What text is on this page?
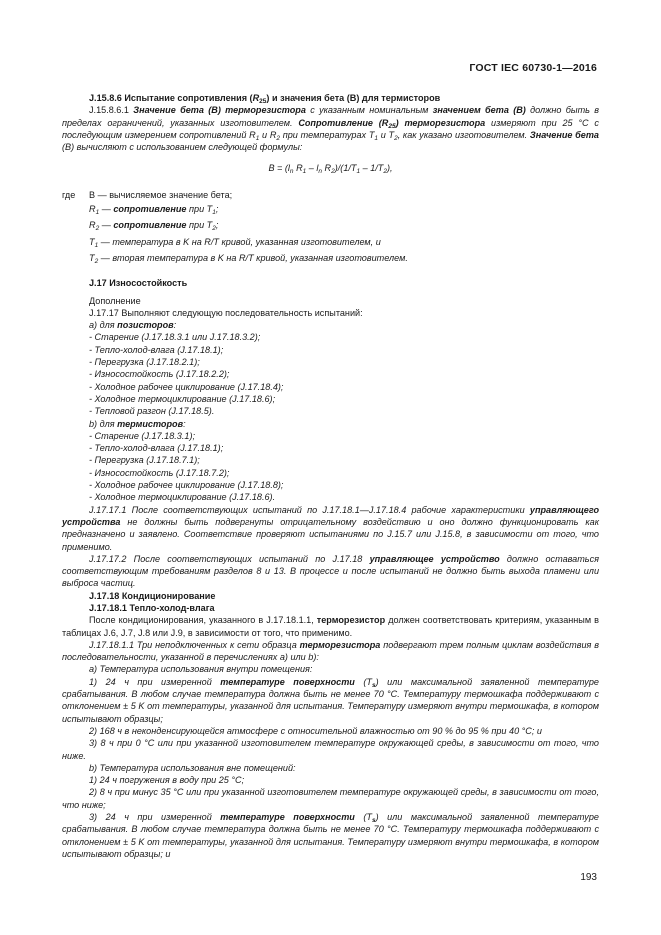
ГОСТ IEC 60730-1—2016

J.15.8.6 Испытание сопротивления $(R_{25})$ и значения бета (B) для термисторов

J.15.8.6.1 Значение бета (B) терморезистора с указанным номинальным значением бета (B) должно быть в пределах ограничений, указанных изготовителем. Сопротивление $(R_{25})$ терморезистора измеряют при 25 °C с последующим измерением сопротивлений $R_1$ и $R_2$ при температурах $T_1$ и $T_2$, как указано изготовителем. Значение бета (B) вычисляют с использованием следующей формулы:

$B = (l_n$ $R_1 - l_n$ $R_2)/(1/T_1 - 1/T_2)$,
где	B — вычисляемое значение бета;
$R_1$ — сопротивление при $T_1$;
$R_2$ — сопротивление при $T_2$;
$T_1$ — температура в K на R/T кривой, указанная изготовителем, и
$T_2$ — вторая температура в K на R/T кривой, указанная изготовителем.

J.17 Износостойкость

Дополнение

J.17.17 Выполняют следующую последовательность испытаний:

a) для позисторов:

- Старение (J.17.18.3.1 или J.17.18.3.2);

- Тепло-холод-влага (J.17.18.1);

- Перегрузка (J.17.18.2.1);

- Износостойкость (J.17.18.2.2);

- Холодное рабочее циклирование (J.17.18.4);

- Холодное термоциклирование (J.17.18.6);

- Тепловой разгон (J.17.18.5).

b) для термисторов:

- Старение (J.17.18.3.1);

- Тепло-холод-влага (J.17.18.1);

- Перегрузка (J.17.18.7.1);

- Износостойкость (J.17.18.7.2);

- Холодное рабочее циклирование (J.17.18.8);

- Холодное термоциклирование (J.17.18.6).

J.17.17.1 После соответствующих испытаний по J.17.18.1—J.17.18.4 рабочие характеристики управляющего устройства не должны быть подвергнуты отрицательному воздействию и оно должно функционировать как предназначено и заявлено. Соответствие проверяют испытаниями по J.15.7 или J.15.8, в зависимости от того, что применимо.

J.17.17.2 После соответствующих испытаний по J.17.18 управляющее устройство должно оставаться соответствующим требованиям разделов 8 и 13. В процессе и после испытаний не должно быть выхода пламени или выброса частиц.

J.17.18 Кондиционирование

J.17.18.1 Тепло-холод-влага

После кондиционирования, указанного в J.17.18.1.1, терморезистор должен соответствовать критериям, указанным в таблицах J.6, J.7, J.8 или J.9, в зависимости от того, что применимо.

J.17.18.1.1 Три неподключенных к сети образца терморезистора подвергают трем полным циклам воздействия в последовательности, указанной в перечислениях a) или b):

a) Температура использования внутри помещения:

1) 24 ч при измеренной температуре поверхности $(T_s)$ или максимальной заявленной температуре срабатывания. В любом случае температура должна быть не менее 70 °C. Температуру термошкафа поддерживают с отклонением ± 5 K от температуры, указанной для испытания. Температуру измеряют внутри термошкафа, в котором испытывают образцы;

2) 168 ч в неконденсирующейся атмосфере с относительной влажностью от 90 % до 95 % при 40 °C; и

3) 8 ч при 0 °C или при указанной изготовителем температуре окружающей среды, в зависимости от того, что ниже.

b) Температура использования вне помещений:

1) 24 ч погружения в воду при 25 °C;

2) 8 ч при минус 35 °C или при указанной изготовителем температуре окружающей среды, в зависимости от того, что ниже;

3) 24 ч при измеренной температуре поверхности $(T_s)$ или максимальной заявленной температуре срабатывания. В любом случае температура должна быть не менее 70 °C. Температуру термошкафа поддерживают с отклонением ± 5 K от температуры, указанной для испытания. Температуру измеряют внутри термошкафа, в котором испытывают образцы; и

193
